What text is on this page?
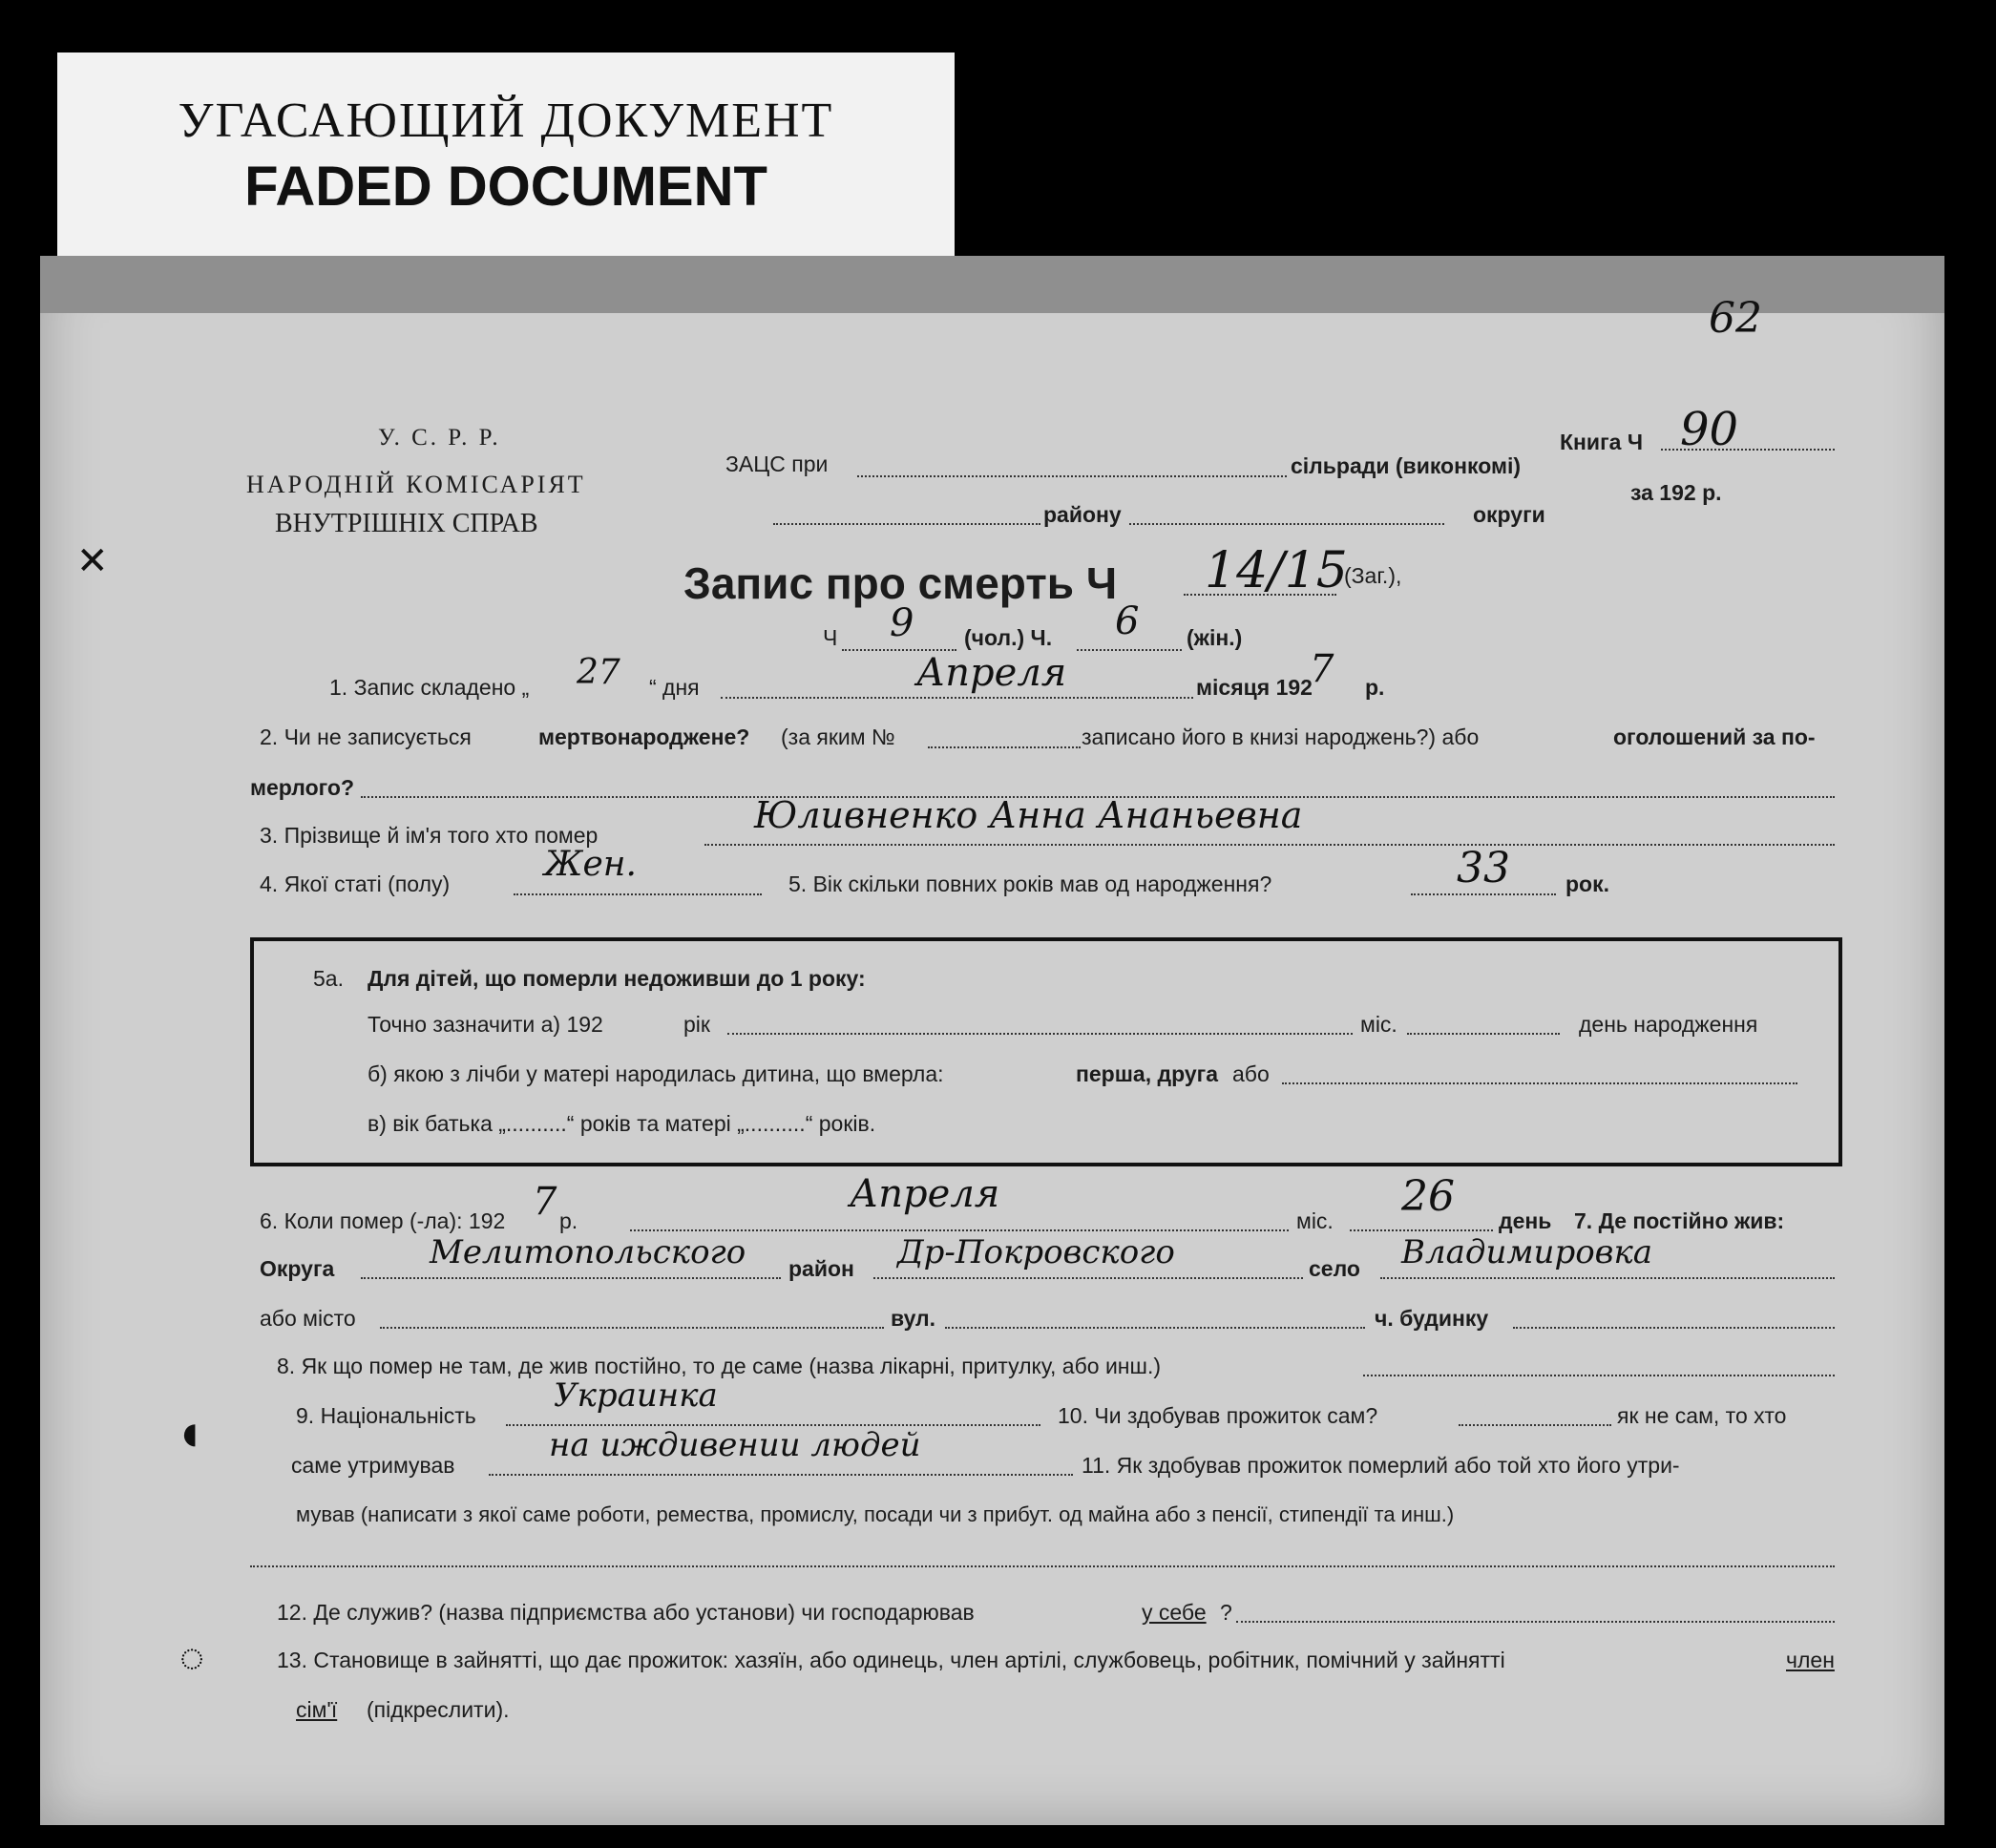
УГАСАЮЩИЙ ДОКУМЕНТ
FADED DOCUMENT
У. С. Р. Р.
НАРОДНІЙ КОМІСАРІЯТ
ВНУТРІШНІХ СПРАВ
ЗАЦС при	сільради (виконкомі)
району	округи
Книга Ч 90
за 192 р.
62
Запис про смерть Ч 14/15
(Заг.),
Ч 9 (чол.) Ч. 6 (жін.)
1. Запис складено „ 27 “ дня	Апреля	місяця 192
7 р.
2. Чи не записується	мертвонароджене? (за яким №	записано його в книзі народжень?) або	оголошений за по-
мерлого?
3. Прізвище й ім'я того хто помер	Юливненко Анна Ананьевна
4. Якої статі (полу)	Жен.	5. Вік скільки повних років мав од народження?	33	рок.
5а. Для дітей, що померли недоживши до 1 року:
Точно зазначити а) 192	рік	міс.	день народження
б) якою з лічби у матері народилась дитина, що вмерла:	перша, друга або
в) вік батька „..........“ років та матері „..........“ років.
6. Коли помер (-ла): 192 7 р.
Апреля
міс. 26 день 7. Де постійно жив:
Округа	Мелитопольского район Др-Покровского	село Владимировка
або місто	вул.	ч. будинку
8. Як що помер не там, де жив постійно, то де саме (назва лікарні, притулку, або инш.)
9. Національність
Украинка
10. Чи здобував прожиток сам?	як не сам, то хто
саме утримував
на иждивении людей
11. Як здобував прожиток померлий або той хто його утри-
мував (написати з якої саме роботи, ремества, промислу, посади чи з прибут. од майна або з пенсії, стипендії та инш.)
12. Де служив? (назва підприємства або установи) чи господарював	у себе ?
13. Становище в зайнятті, що дає прожиток: хазяїн, або одинець, член артілі, службовець, робітник, помічний у зайнятті	член
сім'ї (підкреслити).
✕
◖
◌
